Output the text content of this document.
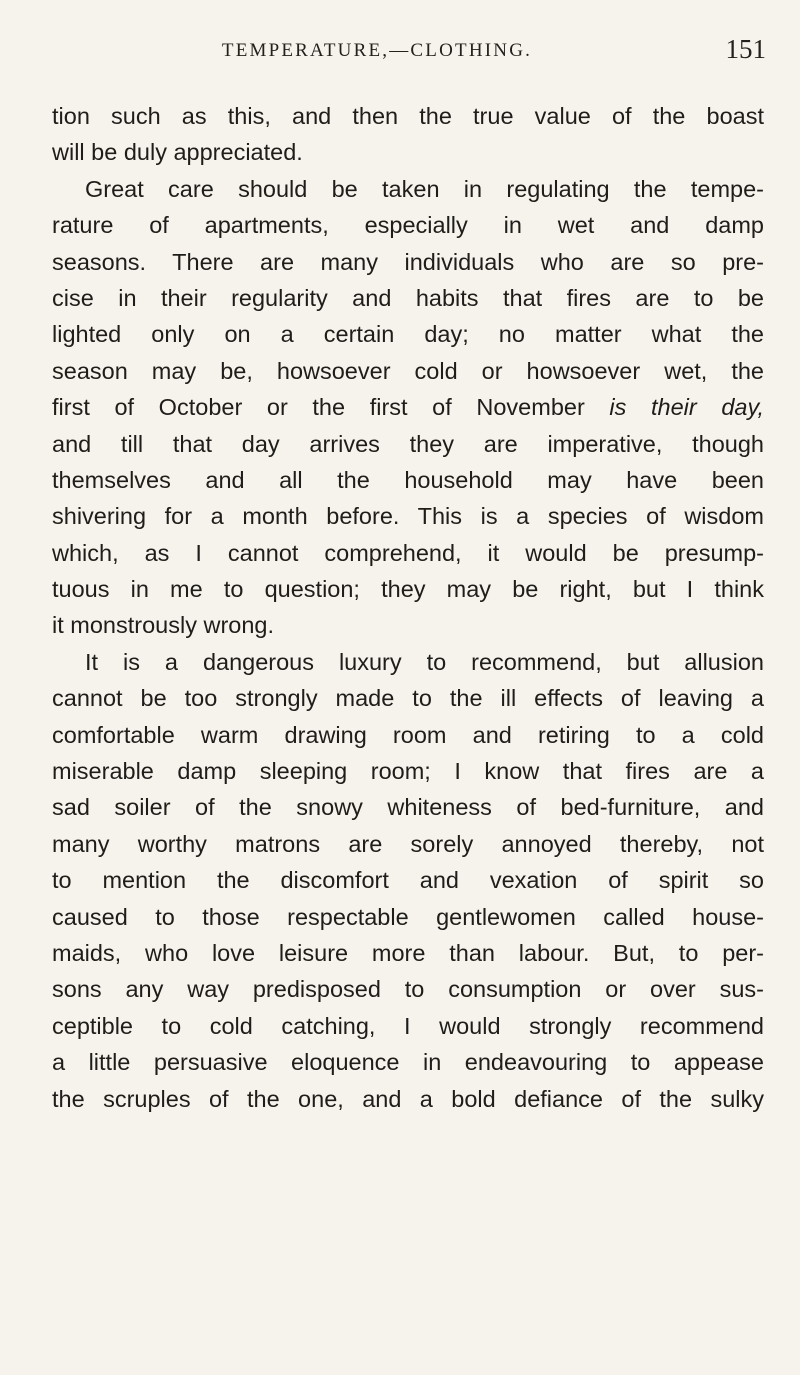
TEMPERATURE,—CLOTHING.	151
tion such as this, and then the true value of the boast
will be duly appreciated.
Great care should be taken in regulating the tempe-
rature of apartments, especially in wet and damp
seasons. There are many individuals who are so pre-
cise in their regularity and habits that fires are to be
lighted only on a certain day; no matter what the
season may be, howsoever cold or howsoever wet, the
first of October or the first of November is their day,
and till that day arrives they are imperative, though
themselves and all the household may have been
shivering for a month before. This is a species of wisdom
which, as I cannot comprehend, it would be presump-
tuous in me to question; they may be right, but I think
it monstrously wrong.
It is a dangerous luxury to recommend, but allusion
cannot be too strongly made to the ill effects of leaving a
comfortable warm drawing room and retiring to a cold
miserable damp sleeping room; I know that fires are a
sad soiler of the snowy whiteness of bed-furniture, and
many worthy matrons are sorely annoyed thereby, not
to mention the discomfort and vexation of spirit so
caused to those respectable gentlewomen called house-
maids, who love leisure more than labour. But, to per-
sons any way predisposed to consumption or over sus-
ceptible to cold catching, I would strongly recommend
a little persuasive eloquence in endeavouring to appease
the scruples of the one, and a bold defiance of the sulky
